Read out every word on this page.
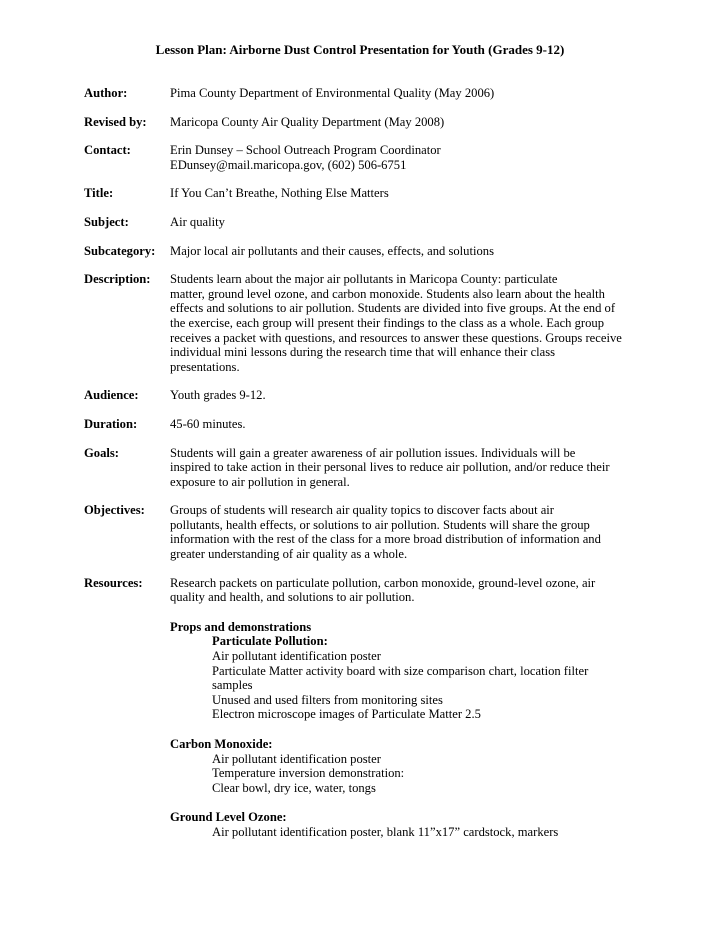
Lesson Plan: Airborne Dust Control Presentation for Youth (Grades 9-12)
Author:	Pima County Department of Environmental Quality (May 2006)
Revised by:	Maricopa County Air Quality Department (May 2008)
Contact:	Erin Dunsey – School Outreach Program Coordinator
EDunsey@mail.maricopa.gov, (602) 506-6751
Title:	If You Can’t Breathe, Nothing Else Matters
Subject:	Air quality
Subcategory:	Major local air pollutants and their causes, effects, and solutions
Description:	Students learn about the major air pollutants in Maricopa County: particulate
matter, ground level ozone, and carbon monoxide. Students also learn about the health
effects and solutions to air pollution. Students are divided into five groups. At the end of
the exercise, each group will present their findings to the class as a whole. Each group
receives a packet with questions, and resources to answer these questions. Groups receive
individual mini lessons during the research time that will enhance their class
presentations.
Audience:	Youth grades 9-12.
Duration:	45-60 minutes.
Goals:	Students will gain a greater awareness of air pollution issues. Individuals will be
inspired to take action in their personal lives to reduce air pollution, and/or reduce their
exposure to air pollution in general.
Objectives:	Groups of students will research air quality topics to discover facts about air
pollutants, health effects, or solutions to air pollution. Students will share the group
information with the rest of the class for a more broad distribution of information and
greater understanding of air quality as a whole.
Resources:	Research packets on particulate pollution, carbon monoxide, ground-level ozone, air
quality and health, and solutions to air pollution.
Props and demonstrations
Particulate Pollution:
Air pollutant identification poster
Particulate Matter activity board with size comparison chart, location filter
samples
Unused and used filters from monitoring sites
Electron microscope images of Particulate Matter 2.5
Carbon Monoxide:
Air pollutant identification poster
Temperature inversion demonstration:
Clear bowl, dry ice, water, tongs
Ground Level Ozone:
Air pollutant identification poster, blank 11”x17” cardstock, markers
